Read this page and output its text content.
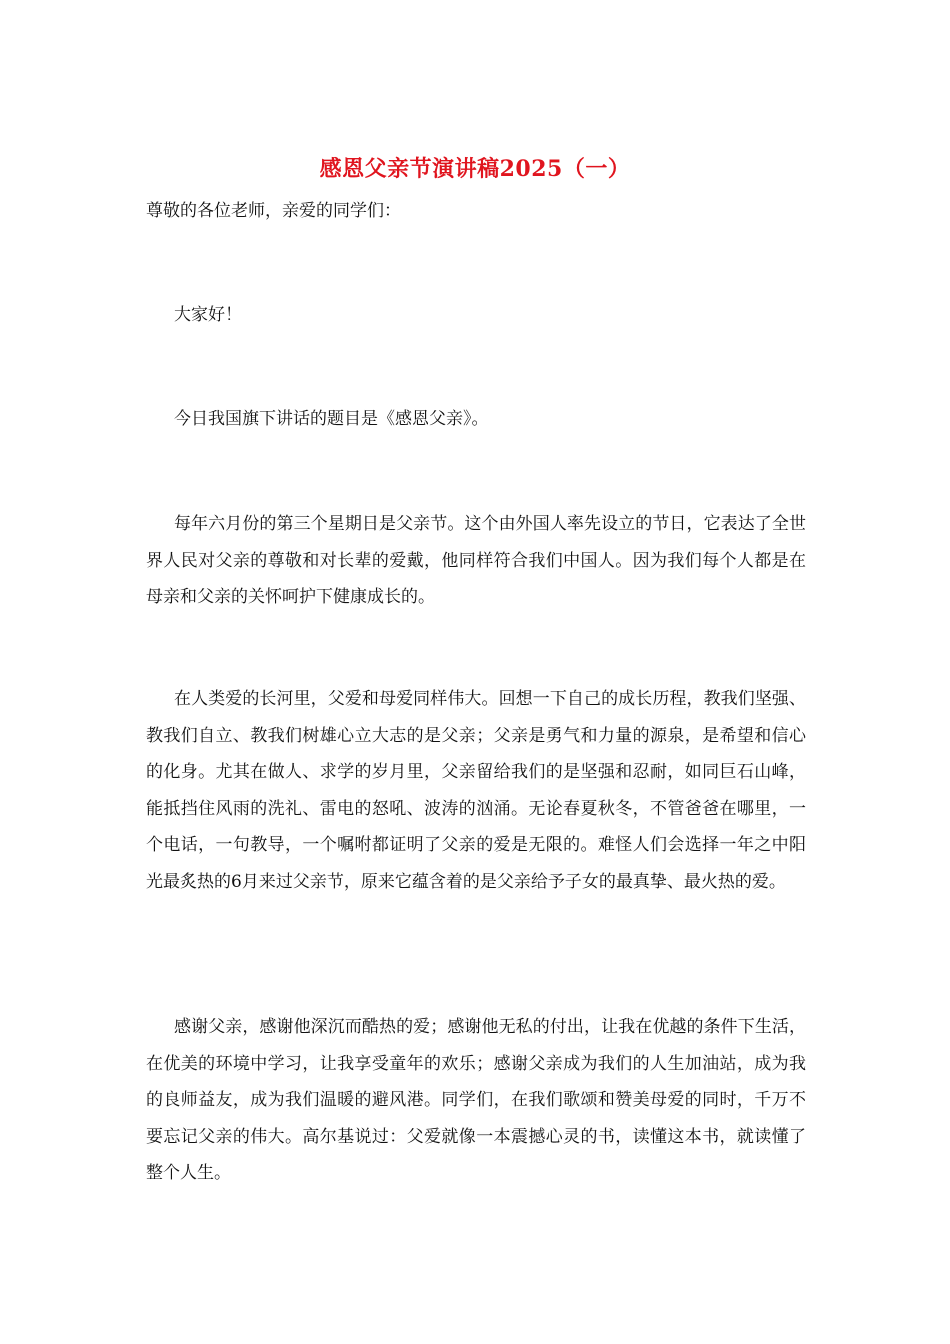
感恩父亲节演讲稿2025（一）
尊敬的各位老师，亲爱的同学们：

大家好！

今日我国旗下讲话的题目是《感恩父亲》。

每年六月份的第三个星期日是父亲节。这个由外国人率先设立的节日，它表达了全世界人民对父亲的尊敬和对长辈的爱戴，他同样符合我们中国人。因为我们每个人都是在母亲和父亲的关怀呵护下健康成长的。

在人类爱的长河里，父爱和母爱同样伟大。回想一下自己的成长历程，教我们坚强、教我们自立、教我们树雄心立大志的是父亲；父亲是勇气和力量的源泉，是希望和信心的化身。尤其在做人、求学的岁月里，父亲留给我们的是坚强和忍耐，如同巨石山峰，能抵挡住风雨的洗礼、雷电的怒吼、波涛的汹涌。无论春夏秋冬，不管爸爸在哪里，一个电话，一句教导，一个嘱咐都证明了父亲的爱是无限的。难怪人们会选择一年之中阳光最炙热的6月来过父亲节，原来它蕴含着的是父亲给予子女的最真挚、最火热的爱。

感谢父亲，感谢他深沉而酷热的爱；感谢他无私的付出，让我在优越的条件下生活，在优美的环境中学习，让我享受童年的欢乐；感谢父亲成为我们的人生加油站，成为我的良师益友，成为我们温暖的避风港。同学们，在我们歌颂和赞美母爱的同时，千万不要忘记父亲的伟大。高尔基说过：父爱就像一本震撼心灵的书，读懂这本书，就读懂了整个人生。
